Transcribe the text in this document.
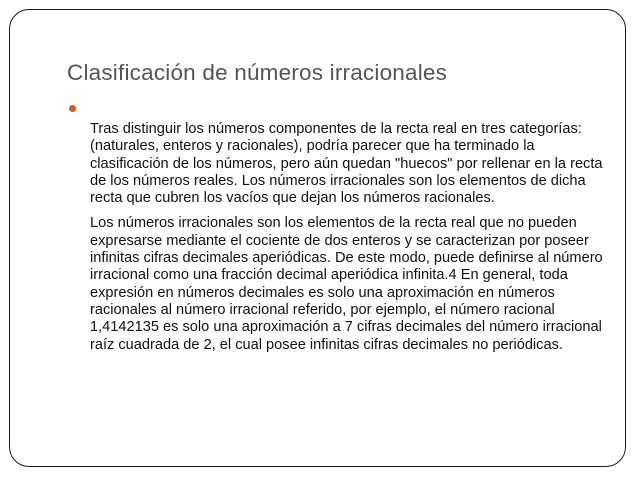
Clasificación de números irracionales

Tras distinguir los números componentes de la recta real en tres categorías: (naturales, enteros y racionales), podría parecer que ha terminado la clasificación de los números, pero aún quedan "huecos" por rellenar en la recta de los números reales. Los números irracionales son los elementos de dicha recta que cubren los vacíos que dejan los números racionales.

Los números irracionales son los elementos de la recta real que no pueden expresarse mediante el cociente de dos enteros y se caracterizan por poseer infinitas cifras decimales aperiódicas. De este modo, puede definirse al número irracional como una fracción decimal aperiódica infinita.4 En general, toda expresión en números decimales es solo una aproximación en números racionales al número irracional referido, por ejemplo, el número racional 1,4142135 es solo una aproximación a 7 cifras decimales del número irracional raíz cuadrada de 2, el cual posee infinitas cifras decimales no periódicas.
